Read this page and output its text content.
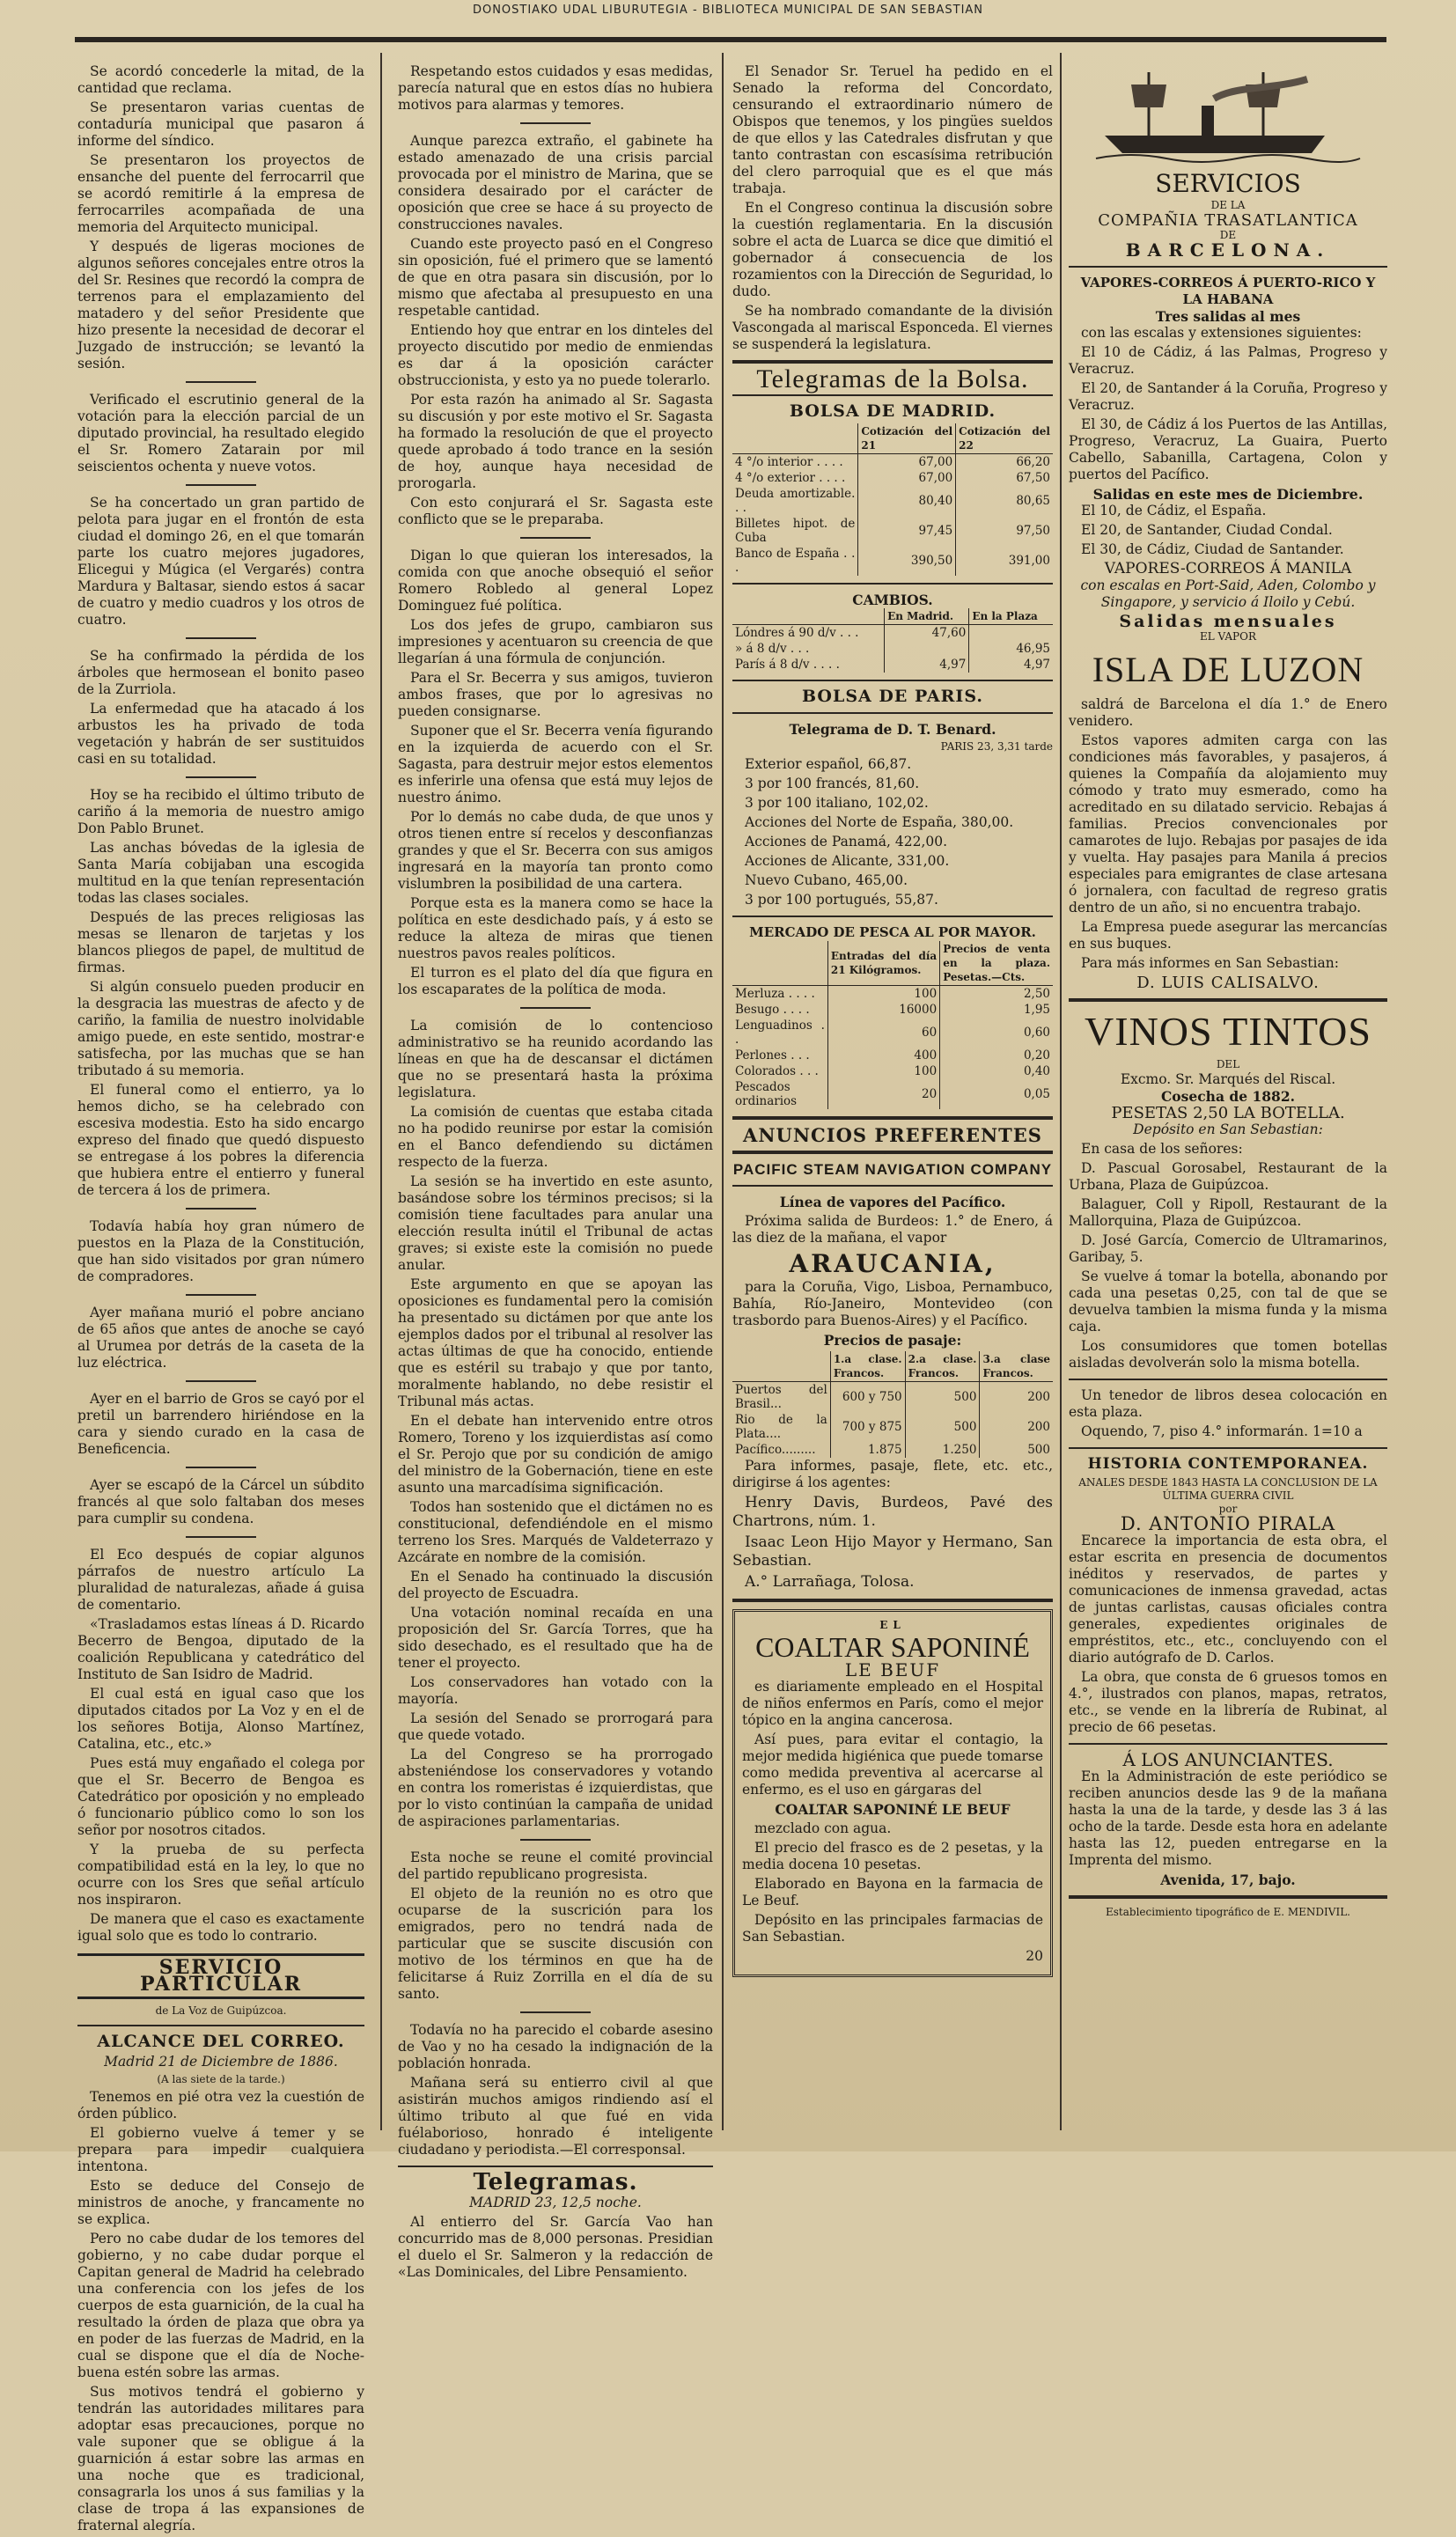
DONOSTIAKO UDAL LIBURUTEGIA - BIBLIOTECA MUNICIPAL DE SAN SEBASTIAN

Se acordó concederle la mitad, de la cantidad que reclama.

Se presentaron varias cuentas de contaduría municipal que pasaron á informe del síndico.

Se presentaron los proyectos de ensanche del puente del ferrocarril que se acordó remitirle á la empresa de ferrocarriles acompañada de una memoria del Arquitecto municipal.

Y después de ligeras mociones de algunos señores concejales entre otros la del Sr. Resines que recordó la compra de terrenos para el emplazamiento del matadero y del señor Presidente que hizo presente la necesidad de decorar el Juzgado de instrucción; se levantó la sesión.

Verificado el escrutinio general de la votación para la elección parcial de un diputado provincial, ha resultado elegido el Sr. Romero Zatarain por mil seiscientos ochenta y nueve votos.

Se ha concertado un gran partido de pelota para jugar en el frontón de esta ciudad el domingo 26, en el que tomarán parte los cuatro mejores jugadores, Elicegui y Múgica (el Vergarés) contra Mardura y Baltasar, siendo estos á sacar de cuatro y medio cuadros y los otros de cuatro.

Se ha confirmado la pérdida de los árboles que hermosean el bonito paseo de la Zurriola.

La enfermedad que ha atacado á los arbustos les ha privado de toda vegetación y habrán de ser sustituidos casi en su totalidad.

Hoy se ha recibido el último tributo de cariño á la memoria de nuestro amigo Don Pablo Brunet.

Las anchas bóvedas de la iglesia de Santa María cobijaban una escogida multitud en la que tenían representación todas las clases sociales.

Después de las preces religiosas las mesas se llenaron de tarjetas y los blancos pliegos de papel, de multitud de firmas.

Si algún consuelo pueden producir en la desgracia las muestras de afecto y de cariño, la familia de nuestro inolvidable amigo puede, en este sentido, mostrar·e satisfecha, por las muchas que se han tributado á su memoria.

El funeral como el entierro, ya lo hemos dicho, se ha celebrado con escesiva modestia. Esto ha sido encargo expreso del finado que quedó dispuesto se entregase á los pobres la diferencia que hubiera entre el entierro y funeral de tercera á los de primera.

Todavía había hoy gran número de puestos en la Plaza de la Constitución, que han sido visitados por gran número de compradores.

Ayer mañana murió el pobre anciano de 65 años que antes de anoche se cayó al Urumea por detrás de la caseta de la luz eléctrica.

Ayer en el barrio de Gros se cayó por el pretil un barrendero hiriéndose en la cara y siendo curado en la casa de Beneficencia.

Ayer se escapó de la Cárcel un súbdito francés al que solo faltaban dos meses para cumplir su condena.

El Eco después de copiar algunos párrafos de nuestro artículo La pluralidad de naturalezas, añade á guisa de comentario.

«Trasladamos estas líneas á D. Ricardo Becerro de Bengoa, diputado de la coalición Republicana y catedrático del Instituto de San Isidro de Madrid.

El cual está en igual caso que los diputados citados por La Voz y en el de los señores Botija, Alonso Martínez, Catalina, etc., etc.»

Pues está muy engañado el colega por que el Sr. Becerro de Bengoa es Catedrático por oposición y no empleado ó funcionario público como lo son los señor por nosotros citados.

Y la prueba de su perfecta compatibilidad está en la ley, lo que no ocurre con los Sres que señal artículo nos inspiraron.

De manera que el caso es exactamente igual solo que es todo lo contrario.

SERVICIO PARTICULAR

de La Voz de Guipúzcoa.

ALCANCE DEL CORREO.

Madrid 21 de Diciembre de 1886.

(A las siete de la tarde.)

Tenemos en pié otra vez la cuestión de órden público.

El gobierno vuelve á temer y se prepara para impedir cualquiera intentona.

Esto se deduce del Consejo de ministros de anoche, y francamente no se explica.

Pero no cabe dudar de los temores del gobierno, y no cabe dudar porque el Capitan general de Madrid ha celebrado una conferencia con los jefes de los cuerpos de esta guarnición, de la cual ha resultado la órden de plaza que obra ya en poder de las fuerzas de Madrid, en la cual se dispone que el día de Noche-buena estén sobre las armas.

Sus motivos tendrá el gobierno y tendrán las autoridades militares para adoptar esas precauciones, porque no vale suponer que se obligue á la guarnición á estar sobre las armas en una noche que es tradicional, consagrarla los unos á sus familias y la clase de tropa á las expansiones de fraternal alegría.

Respetando estos cuidados y esas medidas, parecía natural que en estos días no hubiera motivos para alarmas y temores.

Aunque parezca extraño, el gabinete ha estado amenazado de una crisis parcial provocada por el ministro de Marina, que se considera desairado por el carácter de oposición que cree se hace á su proyecto de construcciones navales.

Cuando este proyecto pasó en el Congreso sin oposición, fué el primero que se lamentó de que en otra pasara sin discusión, por lo mismo que afectaba al presupuesto en una respetable cantidad.

Entiendo hoy que entrar en los dinteles del proyecto discutido por medio de enmiendas es dar á la oposición carácter obstruccionista, y esto ya no puede tolerarlo.

Por esta razón ha animado al Sr. Sagasta su discusión y por este motivo el Sr. Sagasta ha formado la resolución de que el proyecto quede aprobado á todo trance en la sesión de hoy, aunque haya necesidad de prorogarla.

Con esto conjurará el Sr. Sagasta este conflicto que se le preparaba.

Digan lo que quieran los interesados, la comida con que anoche obsequió el señor Romero Robledo al general Lopez Dominguez fué política.

Los dos jefes de grupo, cambiaron sus impresiones y acentuaron su creencia de que llegarían á una fórmula de conjunción.

Para el Sr. Becerra y sus amigos, tuvieron ambos frases, que por lo agresivas no pueden consignarse.

Suponer que el Sr. Becerra venía figurando en la izquierda de acuerdo con el Sr. Sagasta, para destruir mejor estos elementos es inferirle una ofensa que está muy lejos de nuestro ánimo.

Por lo demás no cabe duda, de que unos y otros tienen entre sí recelos y desconfianzas grandes y que el Sr. Becerra con sus amigos ingresará en la mayoría tan pronto como vislumbren la posibilidad de una cartera.

Porque esta es la manera como se hace la política en este desdichado país, y á esto se reduce la alteza de miras que tienen nuestros pavos reales políticos.

El turron es el plato del día que figura en los escaparates de la política de moda.

La comisión de lo contencioso administrativo se ha reunido acordando las líneas en que ha de descansar el dictámen que no se presentará hasta la próxima legislatura.

La comisión de cuentas que estaba citada no ha podido reunirse por estar la comisión en el Banco defendiendo su dictámen respecto de la fuerza.

La sesión se ha invertido en este asunto, basándose sobre los términos precisos; si la comisión tiene facultades para anular una elección resulta inútil el Tribunal de actas graves; si existe este la comisión no puede anular.

Este argumento en que se apoyan las oposiciones es fundamental pero la comisión ha presentado su dictámen por que ante los ejemplos dados por el tribunal al resolver las actas últimas de que ha conocido, entiende que es estéril su trabajo y que por tanto, moralmente hablando, no debe resistir el Tribunal más actas.

En el debate han intervenido entre otros Romero, Toreno y los izquierdistas así como el Sr. Perojo que por su condición de amigo del ministro de la Gobernación, tiene en este asunto una marcadísima significación.

Todos han sostenido que el dictámen no es constitucional, defendiéndole en el mismo terreno los Sres. Marqués de Valdeterrazo y Azcárate en nombre de la comisión.

En el Senado ha continuado la discusión del proyecto de Escuadra.

Una votación nominal recaída en una proposición del Sr. García Torres, que ha sido desechado, es el resultado que ha de tener el proyecto.

Los conservadores han votado con la mayoría.

La sesión del Senado se prorrogará para que quede votado.

La del Congreso se ha prorrogado absteniéndose los conservadores y votando en contra los romeristas é izquierdistas, que por lo visto continúan la campaña de unidad de aspiraciones parlamentarias.

Esta noche se reune el comité provincial del partido republicano progresista.

El objeto de la reunión no es otro que ocuparse de la suscrición para los emigrados, pero no tendrá nada de particular que se suscite discusión con motivo de los términos en que ha de felicitarse á Ruiz Zorrilla en el día de su santo.

Todavía no ha parecido el cobarde asesino de Vao y no ha cesado la indignación de la población honrada.

Mañana será su entierro civil al que asistirán muchos amigos rindiendo así el último tributo al que fué en vida fuélaborioso, honrado é inteligente ciudadano y periodista.—El corresponsal.

Telegramas.

MADRID 23, 12,5 noche.

Al entierro del Sr. García Vao han concurrido mas de 8,000 personas. Presidian el duelo el Sr. Salmeron y la redacción de «Las Dominicales, del Libre Pensamiento.

El Senador Sr. Teruel ha pedido en el Senado la reforma del Concordato, censurando el extraordinario número de Obispos que tenemos, y los pingües sueldos de que ellos y las Catedrales disfrutan y que tanto contrastan con escasísima retribución del clero parroquial que es el que más trabaja.

En el Congreso continua la discusión sobre la cuestión reglamentaria. En la discusión sobre el acta de Luarca se dice que dimitió el gobernador á consecuencia de los rozamientos con la Dirección de Seguridad, lo dudo.

Se ha nombrado comandante de la división Vascongada al mariscal Esponceda. El viernes se suspenderá la legislatura.

Telegramas de la Bolsa.
BOLSA DE MADRID.
	Cotización del 21	Cotización del 22
4 °/o interior . . . .	67,00	66,20
4 °/o exterior . . . .	67,00	67,50
Deuda amortizable. . .	80,40	80,65
Billetes hipot. de Cuba	97,45	97,50
Banco de España . . .	390,50	391,00
CAMBIOS.
	En Madrid.	En la Plaza
Lóndres á 90 d/v . . .	47,60	
» á 8 d/v . . .		46,95
París á 8 d/v . . . .	4,97	4,97
BOLSA DE PARIS.

Telegrama de D. T. Benard.

PARIS 23, 3,31 tarde

Exterior español, 66,87.

3 por 100 francés, 81,60.

3 por 100 italiano, 102,02.

Acciones del Norte de España, 380,00.

Acciones de Panamá, 422,00.

Acciones de Alicante, 331,00.

Nuevo Cubano, 465,00.

3 por 100 portugués, 55,87.

MERCADO DE PESCA AL POR MAYOR.
	Entradas del día 21 Kilógramos.	Precios de venta en la plaza. Pesetas.—Cts.
Merluza . . . .	100	2,50
Besugo . . . .	16000	1,95
Lenguadinos . .	60	0,60
Perlones . . .	400	0,20
Colorados . . .	100	0,40
Pescados ordinarios	20	0,05
ANUNCIOS PREFERENTES
PACIFIC STEAM NAVIGATION COMPANY

Línea de vapores del Pacífico.

Próxima salida de Burdeos: 1.° de Enero, á las diez de la mañana, el vapor

ARAUCANIA,

para la Coruña, Vigo, Lisboa, Pernambuco, Bahía, Río-Janeiro, Montevideo (con trasbordo para Buenos-Aires) y el Pacífico.

Precios de pasaje:

	1.a clase. Francos.	2.a clase. Francos.	3.a clase Francos.
Puertos del Brasil...	600 y 750	500	200
Rio de la Plata....	700 y 875	500	200
Pacífico.........	1.875	1.250	500

Para informes, pasaje, flete, etc. etc., dirigirse á los agentes:

Henry Davis, Burdeos, Pavé des Chartrons, núm. 1.

Isaac Leon Hijo Mayor y Hermano, San Sebastian.

A.° Larrañaga, Tolosa.

EL
COALTAR SAPONINÉ
LE BEUF

es diariamente empleado en el Hospital de niños enfermos en París, como el mejor tópico en la angina cancerosa.

Así pues, para evitar el contagio, la mejor medida higiénica que puede tomarse como medida preventiva al acercarse al enfermo, es el uso en gárgaras del

COALTAR SAPONINÉ LE BEUF

mezclado con agua.

El precio del frasco es de 2 pesetas, y la media docena 10 pesetas.

Elaborado en Bayona en la farmacia de Le Beuf.

Depósito en las principales farmacias de San Sebastian.

20

SERVICIOS
DE LA
COMPAÑIA TRASATLANTICA
DE
BARCELONA.
VAPORES-CORREOS Á PUERTO-RICO Y LA HABANA
Tres salidas al mes

con las escalas y extensiones siguientes:

El 10 de Cádiz, á las Palmas, Progreso y Veracruz.

El 20, de Santander á la Coruña, Progreso y Veracruz.

El 30, de Cádiz á los Puertos de las Antillas, Progreso, Veracruz, La Guaira, Puerto Cabello, Sabanilla, Cartagena, Colon y puertos del Pacífico.

Salidas en este mes de Diciembre.

El 10, de Cádiz, el España.

El 20, de Santander, Ciudad Condal.

El 30, de Cádiz, Ciudad de Santander.

VAPORES-CORREOS Á MANILA

con escalas en Port-Said, Aden, Colombo y Singapore, y servicio á Iloilo y Cebú.

Salidas mensuales
EL VAPOR
ISLA DE LUZON

saldrá de Barcelona el día 1.° de Enero venidero.

Estos vapores admiten carga con las condiciones más favorables, y pasajeros, á quienes la Compañía da alojamiento muy cómodo y trato muy esmerado, como ha acreditado en su dilatado servicio. Rebajas á familias. Precios convencionales por camarotes de lujo. Rebajas por pasajes de ida y vuelta. Hay pasajes para Manila á precios especiales para emigrantes de clase artesana ó jornalera, con facultad de regreso gratis dentro de un año, si no encuentra trabajo.

La Empresa puede asegurar las mercancías en sus buques.

Para más informes en San Sebastian:

D. LUIS CALISALVO.
VINOS TINTOS
DEL
Excmo. Sr. Marqués del Riscal.
Cosecha de 1882.
PESETAS 2,50 LA BOTELLA.

Depósito en San Sebastian:

En casa de los señores:

D. Pascual Gorosabel, Restaurant de la Urbana, Plaza de Guipúzcoa.

Balaguer, Coll y Ripoll, Restaurant de la Mallorquina, Plaza de Guipúzcoa.

D. José García, Comercio de Ultramarinos, Garibay, 5.

Se vuelve á tomar la botella, abonando por cada una pesetas 0,25, con tal de que se devuelva tambien la misma funda y la misma caja.

Los consumidores que tomen botellas aisladas devolverán solo la misma botella.

Un tenedor de libros desea colocación en esta plaza.

Oquendo, 7, piso 4.° informarán. 1=10 a

HISTORIA CONTEMPORANEA.
ANALES DESDE 1843 HASTA LA CONCLUSION DE LA ÚLTIMA GUERRA CIVIL
por
D. ANTONIO PIRALA

Encarece la importancia de esta obra, el estar escrita en presencia de documentos inéditos y reservados, de partes y comunicaciones de inmensa gravedad, actas de juntas carlistas, causas oficiales contra generales, expedientes originales de empréstitos, etc., etc., concluyendo con el diario autógrafo de D. Carlos.

La obra, que consta de 6 gruesos tomos en 4.°, ilustrados con planos, mapas, retratos, etc., se vende en la librería de Rubinat, al precio de 66 pesetas.

Á LOS ANUNCIANTES.

En la Administración de este periódico se reciben anuncios desde las 9 de la mañana hasta la una de la tarde, y desde las 3 á las ocho de la tarde. Desde esta hora en adelante hasta las 12, pueden entregarse en la Imprenta del mismo.

Avenida, 17, bajo.

Establecimiento tipográfico de E. MENDIVIL.
